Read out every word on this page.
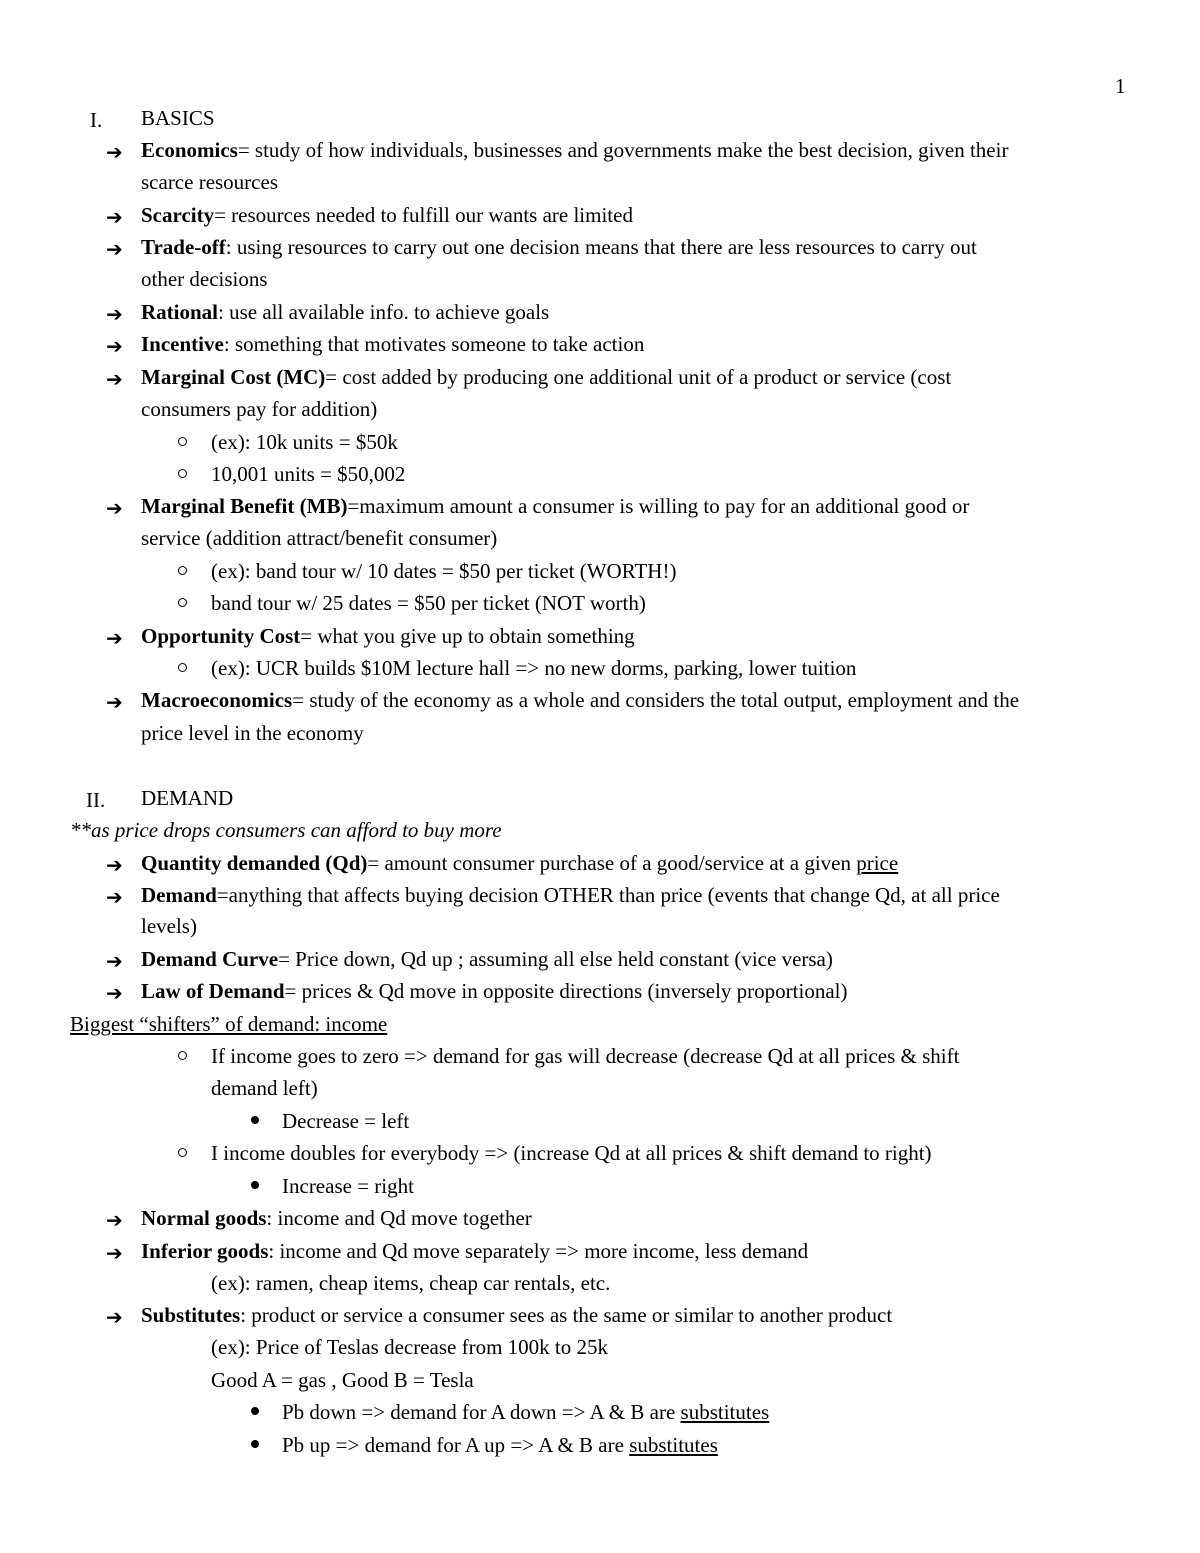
1
I. BASICS
➔ Economics= study of how individuals, businesses and governments make the best decision, given their
scarce resources
➔ Scarcity= resources needed to fulfill our wants are limited
➔ Trade-off: using resources to carry out one decision means that there are less resources to carry out
other decisions
➔ Rational: use all available info. to achieve goals
➔ Incentive: something that motivates someone to take action
➔ Marginal Cost (MC)= cost added by producing one additional unit of a product or service (cost
consumers pay for addition)
(ex): 10k units = $50k
10,001 units = $50,002
➔ Marginal Benefit (MB)=maximum amount a consumer is willing to pay for an additional good or
service (addition attract/benefit consumer)
(ex): band tour w/ 10 dates = $50 per ticket (WORTH!)
band tour w/ 25 dates = $50 per ticket (NOT worth)
➔ Opportunity Cost= what you give up to obtain something
(ex): UCR builds $10M lecture hall => no new dorms, parking, lower tuition
➔ Macroeconomics= study of the economy as a whole and considers the total output, employment and the
price level in the economy
II. DEMAND
**as price drops consumers can afford to buy more
➔ Quantity demanded (Qd)= amount consumer purchase of a good/service at a given price
➔ Demand=anything that affects buying decision OTHER than price (events that change Qd, at all price
levels)
➔ Demand Curve= Price down, Qd up ; assuming all else held constant (vice versa)
➔ Law of Demand= prices & Qd move in opposite directions (inversely proportional)
Biggest “shifters” of demand: income
If income goes to zero => demand for gas will decrease (decrease Qd at all prices & shift
demand left)
Decrease = left
I income doubles for everybody => (increase Qd at all prices & shift demand to right)
Increase = right
➔ Normal goods: income and Qd move together
➔ Inferior goods: income and Qd move separately => more income, less demand
(ex): ramen, cheap items, cheap car rentals, etc.
➔ Substitutes: product or service a consumer sees as the same or similar to another product
(ex): Price of Teslas decrease from 100k to 25k
Good A = gas , Good B = Tesla
Pb down => demand for A down => A & B are substitutes
Pb up => demand for A up => A & B are substitutes
